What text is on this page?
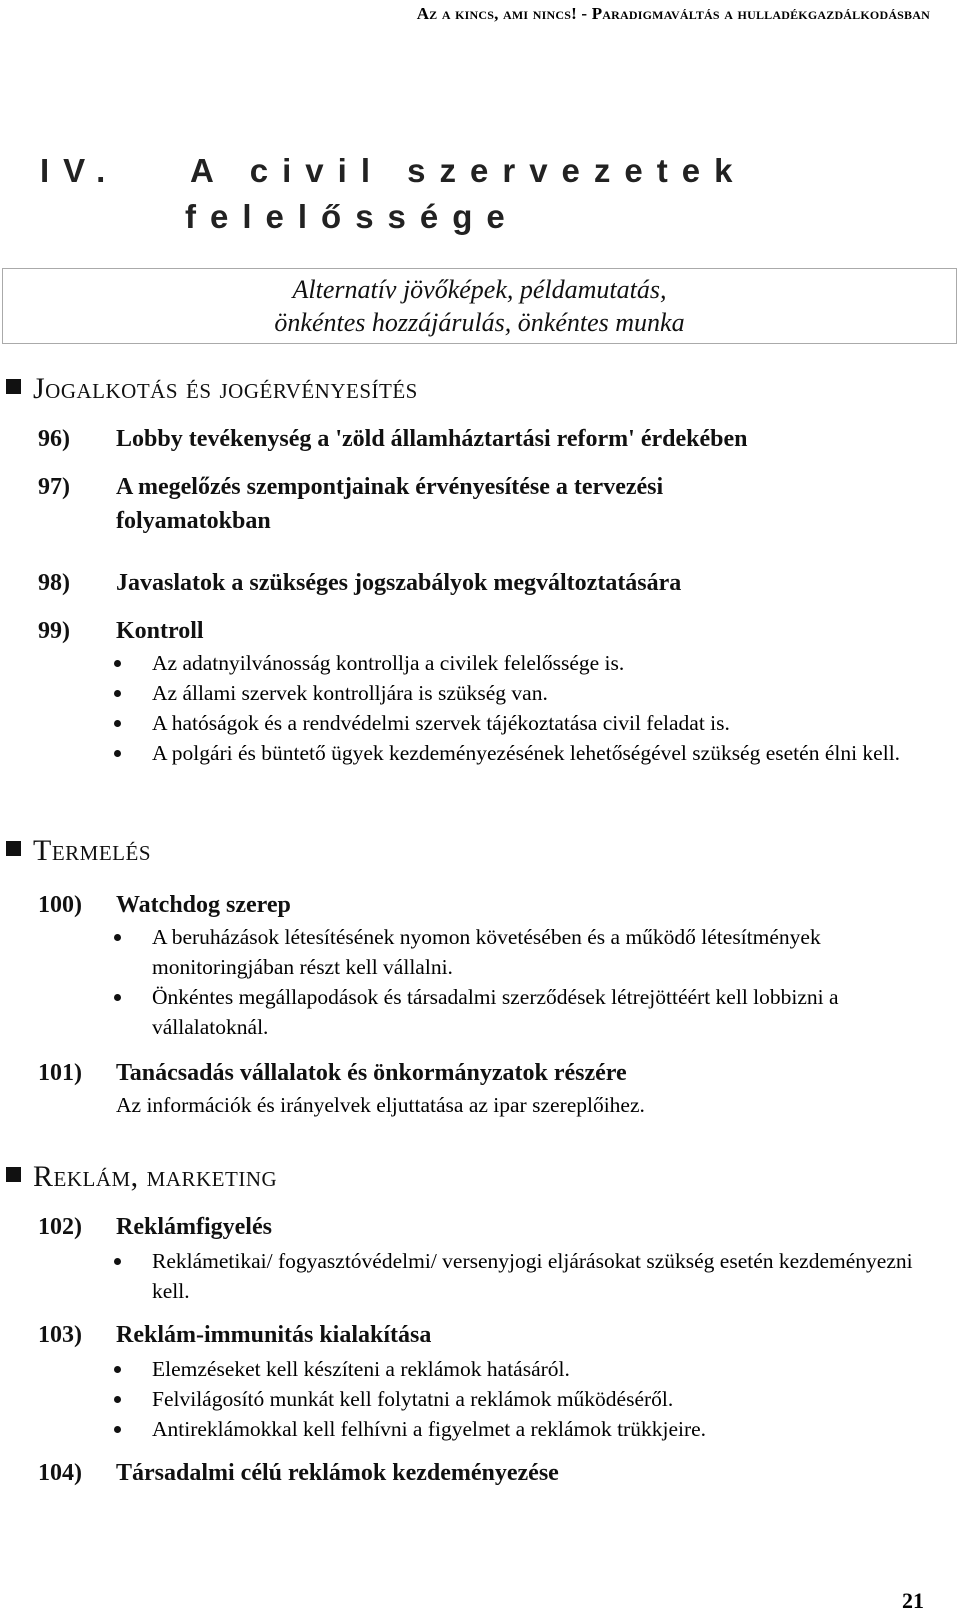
Az a kincs, ami nincs! - Paradigmaváltás a hulladékgazdálkodásban
IV. A civil szervezetek
felelőssége
Alternatív jövőképek, példamutatás,
önkéntes hozzájárulás, önkéntes munka
Jogalkotás és jogérvényesítés
96) Lobby tevékenység a 'zöld államháztartási reform' érdekében
97) A megelőzés szempontjainak érvényesítése a tervezési
folyamatokban
98) Javaslatok a szükséges jogszabályok megváltoztatására
99) Kontroll
Az adatnyilvánosság kontrollja a civilek felelőssége is.
Az állami szervek kontrolljára is szükség van.
A hatóságok és a rendvédelmi szervek tájékoztatása civil feladat is.
A polgári és büntető ügyek kezdeményezésének lehetőségével szükség esetén élni kell.
Termelés
100) Watchdog szerep
A beruházások létesítésének nyomon követésében és a működő létesítmények monitoringjában részt kell vállalni.
Önkéntes megállapodások és társadalmi szerződések létrejöttéért kell lobbizni a vállalatoknál.
101) Tanácsadás vállalatok és önkormányzatok részére
Az információk és irányelvek eljuttatása az ipar szereplőihez.
Reklám, marketing
102) Reklámfigyelés
Reklámetikai/ fogyasztóvédelmi/ versenyjogi eljárásokat szükség esetén kezdeményezni kell.
103) Reklám-immunitás kialakítása
Elemzéseket kell készíteni a reklámok hatásáról.
Felvilágosító munkát kell folytatni a reklámok működéséről.
Antireklámokkal kell felhívni a figyelmet a reklámok trükkjeire.
104) Társadalmi célú reklámok kezdeményezése
21
